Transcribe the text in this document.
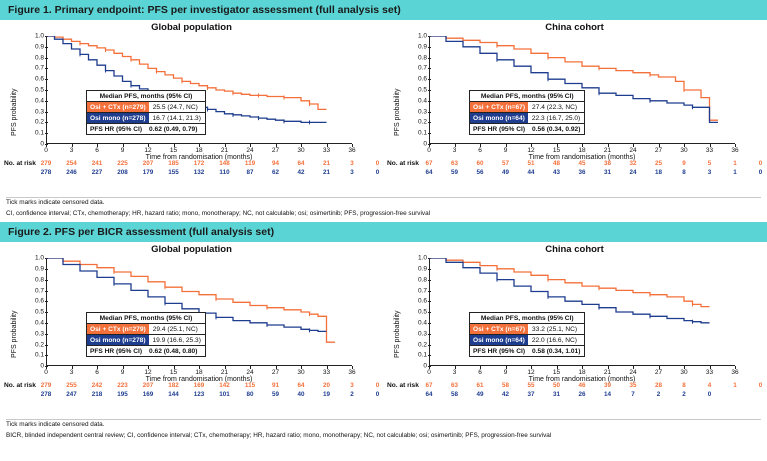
Figure 1. Primary endpoint: PFS per investigator assessment (full analysis set)
Global population
PFS probability
0
0.1
0.2
0.3
0.4
0.5
0.6
0.7
0.8
0.9
1.0
0	3	6	9	12	15	18	21	24	27	30	33	36
Time from randomisation (months)
Median PFS, months (95% CI)
Osi + CTx (n=279)	25.5 (24.7, NC)
Osi mono (n=278)	16.7 (14.1, 21.3)
PFS HR (95% CI)	0.62 (0.49, 0.79)
No. at risk 279 254 241 225 207 185 172 148 119	94	64	21	3	0
278 246 227 208 179 155 132 110	87	62	42	21	3	0
China cohort
PFS probability
0
0.1
0.2
0.3
0.4
0.5
0.6
0.7
0.8
0.9
1.0
0	3	6	9	12	15	18	21	24	27	30	33	36
Time from randomisation (months)
Median PFS, months (95% CI)
Osi + CTx (n=67)	27.4 (22.3, NC)
Osi mono (n=64)	22.3 (16.7, 25.0)
PFS HR (95% CI)	0.56 (0.34, 0.92)
No. at risk 67	63	60	57	51	48	45	38	32	25	9	5	1	0
64	59	56	49	44	43	36	31	24	18	8	3	1	0
Tick marks indicate censored data.
CI, confidence interval; CTx, chemotherapy; HR, hazard ratio; mono, monotherapy; NC, not calculable; osi; osimertinib; PFS, progression-free survival
Figure 2. PFS per BICR assessment (full analysis set)
Global population
PFS probability
0
0.1
0.2
0.3
0.4
0.5
0.6
0.7
0.8
0.9
1.0
0	3	6	9	12	15	18	21	24	27	30	33	36
Time from randomisation (months)
Median PFS, months (95% CI)
Osi + CTx (n=279)	29.4 (25.1, NC)
Osi mono (n=278)	19.9 (16.6, 25.3)
PFS HR (95% CI)	0.62 (0.48, 0.80)
No. at risk 279 255 242 223 207 182 169 142 115	91	64	20	3	0
278 247 218 195 169 144 123 101	80	59	40	19	2	0
China cohort
PFS probability
0
0.1
0.2
0.3
0.4
0.5
0.6
0.7
0.8
0.9
1.0
0	3	6	9	12	15	18	21	24	27	30	33	36
Time from randomisation (months)
Median PFS, months (95% CI)
Osi + CTx (n=67)	33.2 (25.1, NC)
Osi mono (n=64)	22.0 (16.6, NC)
PFS HR (95% CI)	0.58 (0.34, 1.01)
No. at risk 67	63	61	58	55	50	46	39	35	28	8	4	1	0
64	58	49	42	37	31	26	14	7	2	2	0
Tick marks indicate censored data.
BICR, blinded independent central review; CI, confidence interval; CTx, chemotherapy; HR, hazard ratio; mono, monotherapy; NC, not calculable; osi; osimertinib; PFS, progression-free survival
